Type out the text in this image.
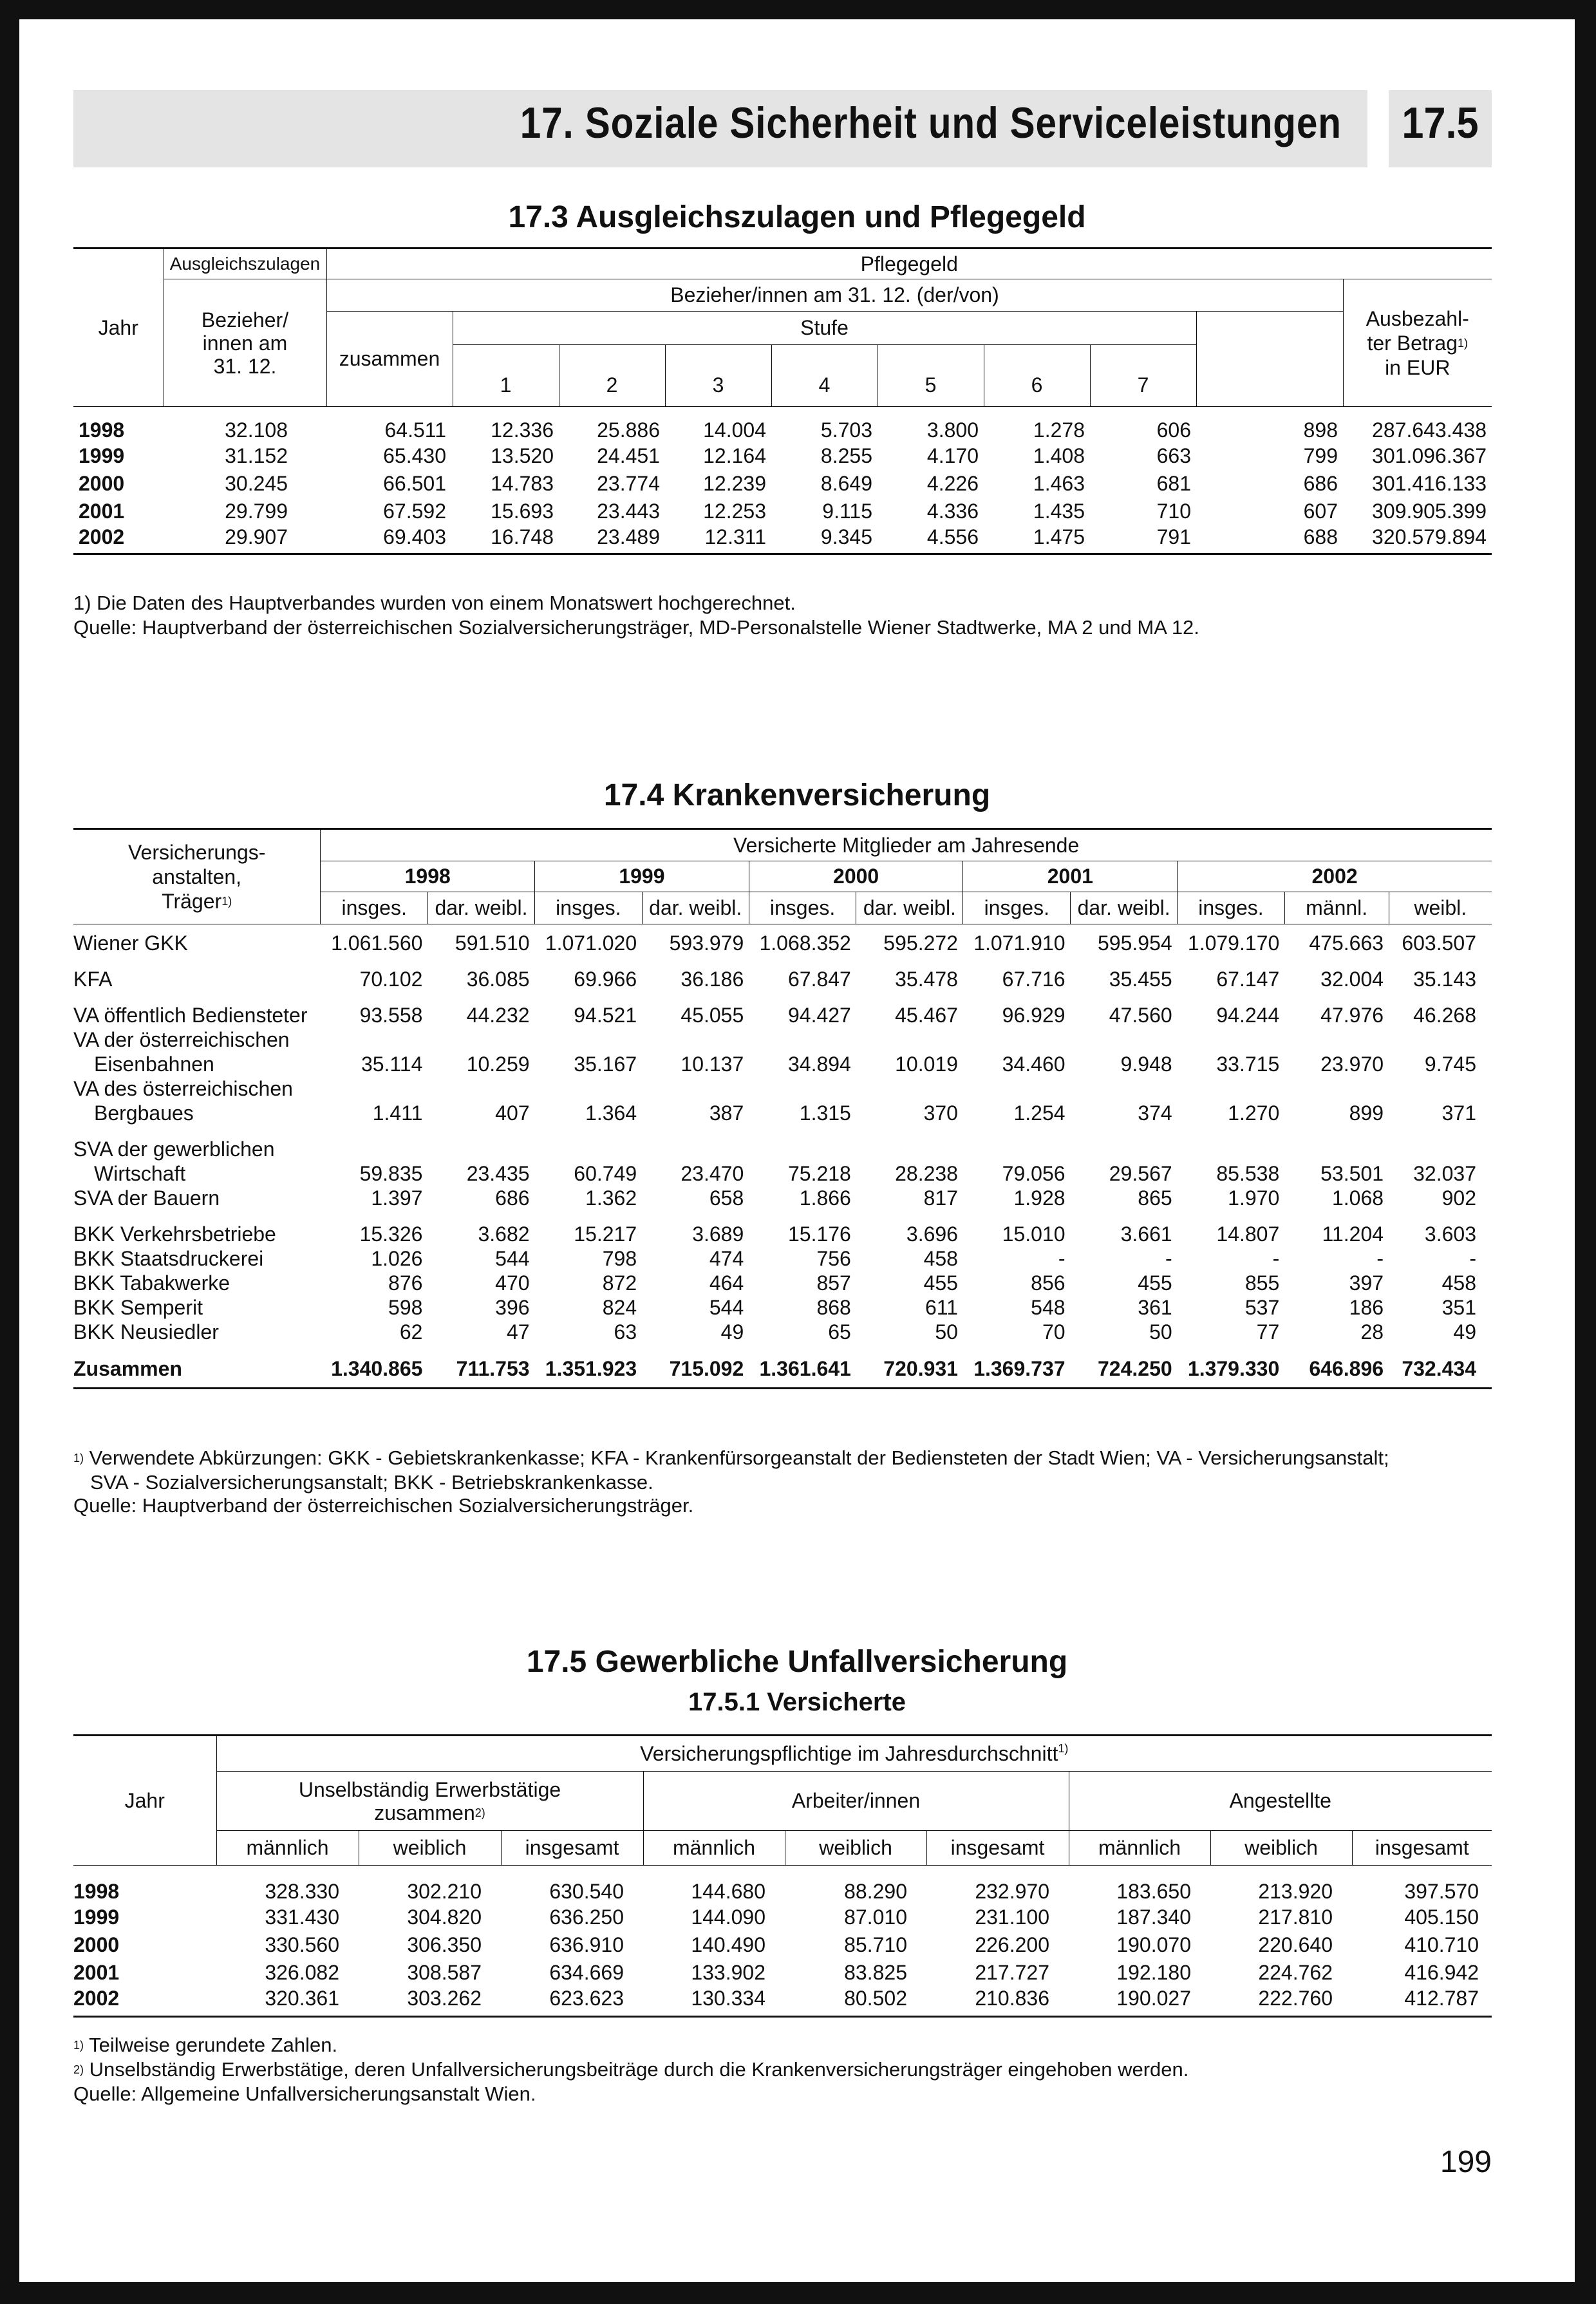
17. Soziale Sicherheit und Serviceleistungen 17.5
17.3 Ausgleichszulagen und Pflegegeld
Jahr	Ausgleichszulagen	Pflegegeld									
	Bezieher/
innen am
31. 12.	Bezieher/innen am 31. 12. (der/von)									Ausbezahl-
ter Betrag$^{1)}$
in EUR
		zusammen	Stufe								
			1	2	3	4	5	6	7		
1998	32.108	64.511	12.336	25.886	14.004	5.703	3.800	1.278	606	898	287.643.438
1999	31.152	65.430	13.520	24.451	12.164	8.255	4.170	1.408	663	799	301.096.367
2000	30.245	66.501	14.783	23.774	12.239	8.649	4.226	1.463	681	686	301.416.133
2001	29.799	67.592	15.693	23.443	12.253	9.115	4.336	1.435	710	607	309.905.399
2002	29.907	69.403	16.748	23.489	12.311	9.345	4.556	1.475	791	688	320.579.894
1) Die Daten des Hauptverbandes wurden von einem Monatswert hochgerechnet.
Quelle: Hauptverband der österreichischen Sozialversicherungsträger, MD-Personalstelle Wiener Stadtwerke, MA 2 und MA 12.
17.4 Krankenversicherung
Versicherungs-
anstalten,
Träger$^{1)}$	Versicherte Mitglieder am Jahresende										
	1998		1999		2000		2001		2002		
	insges.	dar. weibl.	insges.	dar. weibl.	insges.	dar. weibl.	insges.	dar. weibl.	insges.	männl.	weibl.
Wiener GKK	1.061.560	591.510	1.071.020	593.979	1.068.352	595.272	1.071.910	595.954	1.079.170	475.663	603.507
KFA	70.102	36.085	69.966	36.186	67.847	35.478	67.716	35.455	67.147	32.004	35.143
VA öffentlich Bediensteter	93.558	44.232	94.521	45.055	94.427	45.467	96.929	47.560	94.244	47.976	46.268
VA der österreichischen
Eisenbahnen	35.114	10.259	35.167	10.137	34.894	10.019	34.460	9.948	33.715	23.970	9.745
VA des österreichischen
Bergbaues	1.411	407	1.364	387	1.315	370	1.254	374	1.270	899	371
SVA der gewerblichen
Wirtschaft	59.835	23.435	60.749	23.470	75.218	28.238	79.056	29.567	85.538	53.501	32.037
SVA der Bauern	1.397	686	1.362	658	1.866	817	1.928	865	1.970	1.068	902
BKK Verkehrsbetriebe	15.326	3.682	15.217	3.689	15.176	3.696	15.010	3.661	14.807	11.204	3.603
BKK Staatsdruckerei	1.026	544	798	474	756	458	-	-	-	-	-
BKK Tabakwerke	876	470	872	464	857	455	856	455	855	397	458
BKK Semperit	598	396	824	544	868	611	548	361	537	186	351
BKK Neusiedler	62	47	63	49	65	50	70	50	77	28	49
Zusammen	1.340.865	711.753	1.351.923	715.092	1.361.641	720.931	1.369.737	724.250	1.379.330	646.896	732.434
$^{1)}$ Verwendete Abkürzungen: GKK - Gebietskrankenkasse; KFA - Krankenfürsorgeanstalt der Bediensteten der Stadt Wien; VA - Versicherungsanstalt;
SVA - Sozialversicherungsanstalt; BKK - Betriebskrankenkasse.
Quelle: Hauptverband der österreichischen Sozialversicherungsträger.
17.5 Gewerbliche Unfallversicherung
17.5.1 Versicherte
Jahr	Versicherungspflichtige im Jahresdurchschnitt$^{1)}$
	Unselbständig Erwerbstätige
zusammen$^{2)}$			Arbeiter/innen			Angestellte		
	männlich	weiblich	insgesamt	männlich	weiblich	insgesamt	männlich	weiblich	insgesamt
1998	328.330	302.210	630.540	144.680	88.290	232.970	183.650	213.920	397.570
1999	331.430	304.820	636.250	144.090	87.010	231.100	187.340	217.810	405.150
2000	330.560	306.350	636.910	140.490	85.710	226.200	190.070	220.640	410.710
2001	326.082	308.587	634.669	133.902	83.825	217.727	192.180	224.762	416.942
2002	320.361	303.262	623.623	130.334	80.502	210.836	190.027	222.760	412.787
$^{1)}$ Teilweise gerundete Zahlen.
$^{2)}$ Unselbständig Erwerbstätige, deren Unfallversicherungsbeiträge durch die Krankenversicherungsträger eingehoben werden.
Quelle: Allgemeine Unfallversicherungsanstalt Wien.
199
